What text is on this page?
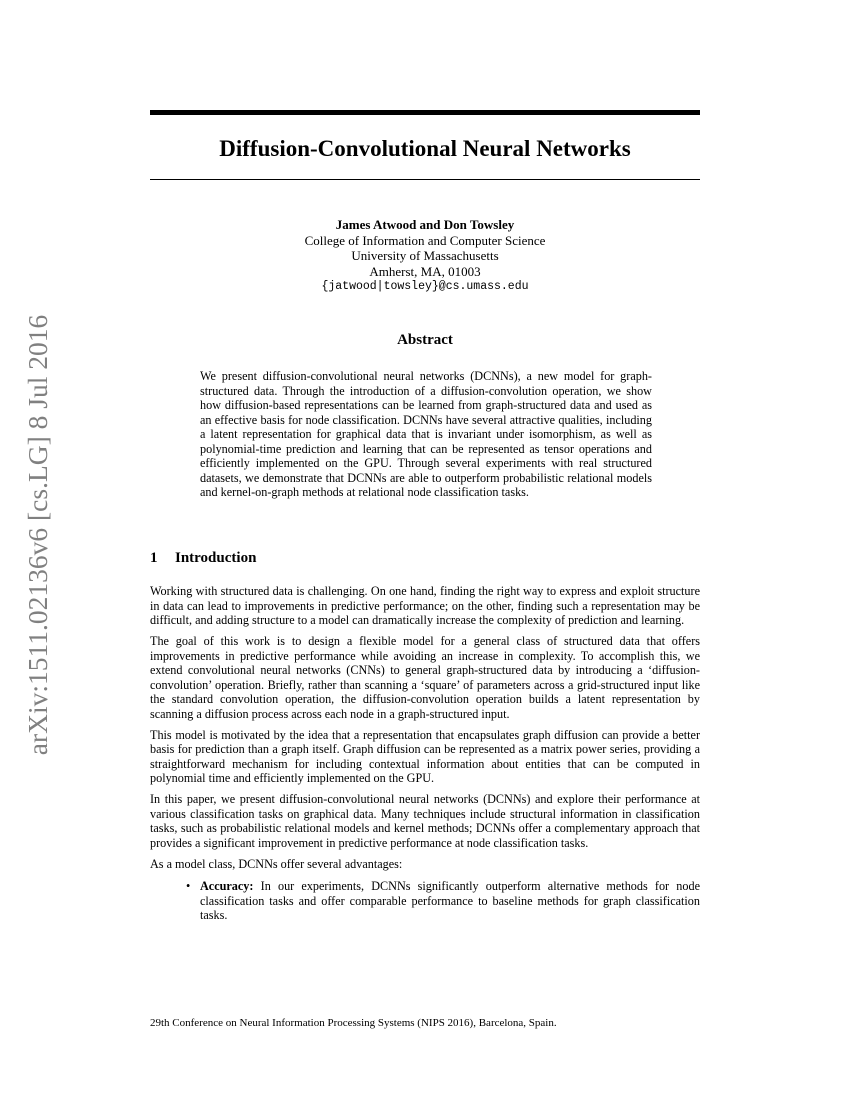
arXiv:1511.02136v6 [cs.LG] 8 Jul 2016
Diffusion-Convolutional Neural Networks
James Atwood and Don Towsley
College of Information and Computer Science
University of Massachusetts
Amherst, MA, 01003
{jatwood|towsley}@cs.umass.edu
Abstract
We present diffusion-convolutional neural networks (DCNNs), a new model for graph-structured data. Through the introduction of a diffusion-convolution operation, we show how diffusion-based representations can be learned from graph-structured data and used as an effective basis for node classification. DCNNs have several attractive qualities, including a latent representation for graphical data that is invariant under isomorphism, as well as polynomial-time prediction and learning that can be represented as tensor operations and efficiently implemented on the GPU. Through several experiments with real structured datasets, we demonstrate that DCNNs are able to outperform probabilistic relational models and kernel-on-graph methods at relational node classification tasks.
1 Introduction

Working with structured data is challenging. On one hand, finding the right way to express and exploit structure in data can lead to improvements in predictive performance; on the other, finding such a representation may be difficult, and adding structure to a model can dramatically increase the complexity of prediction and learning.

The goal of this work is to design a flexible model for a general class of structured data that offers improvements in predictive performance while avoiding an increase in complexity. To accomplish this, we extend convolutional neural networks (CNNs) to general graph-structured data by introducing a ‘diffusion-convolution’ operation. Briefly, rather than scanning a ‘square’ of parameters across a grid-structured input like the standard convolution operation, the diffusion-convolution operation builds a latent representation by scanning a diffusion process across each node in a graph-structured input.

This model is motivated by the idea that a representation that encapsulates graph diffusion can provide a better basis for prediction than a graph itself. Graph diffusion can be represented as a matrix power series, providing a straightforward mechanism for including contextual information about entities that can be computed in polynomial time and efficiently implemented on the GPU.

In this paper, we present diffusion-convolutional neural networks (DCNNs) and explore their performance at various classification tasks on graphical data. Many techniques include structural information in classification tasks, such as probabilistic relational models and kernel methods; DCNNs offer a complementary approach that provides a significant improvement in predictive performance at node classification tasks.

As a model class, DCNNs offer several advantages:

• Accuracy: In our experiments, DCNNs significantly outperform alternative methods for node classification tasks and offer comparable performance to baseline methods for graph classification tasks.
29th Conference on Neural Information Processing Systems (NIPS 2016), Barcelona, Spain.
